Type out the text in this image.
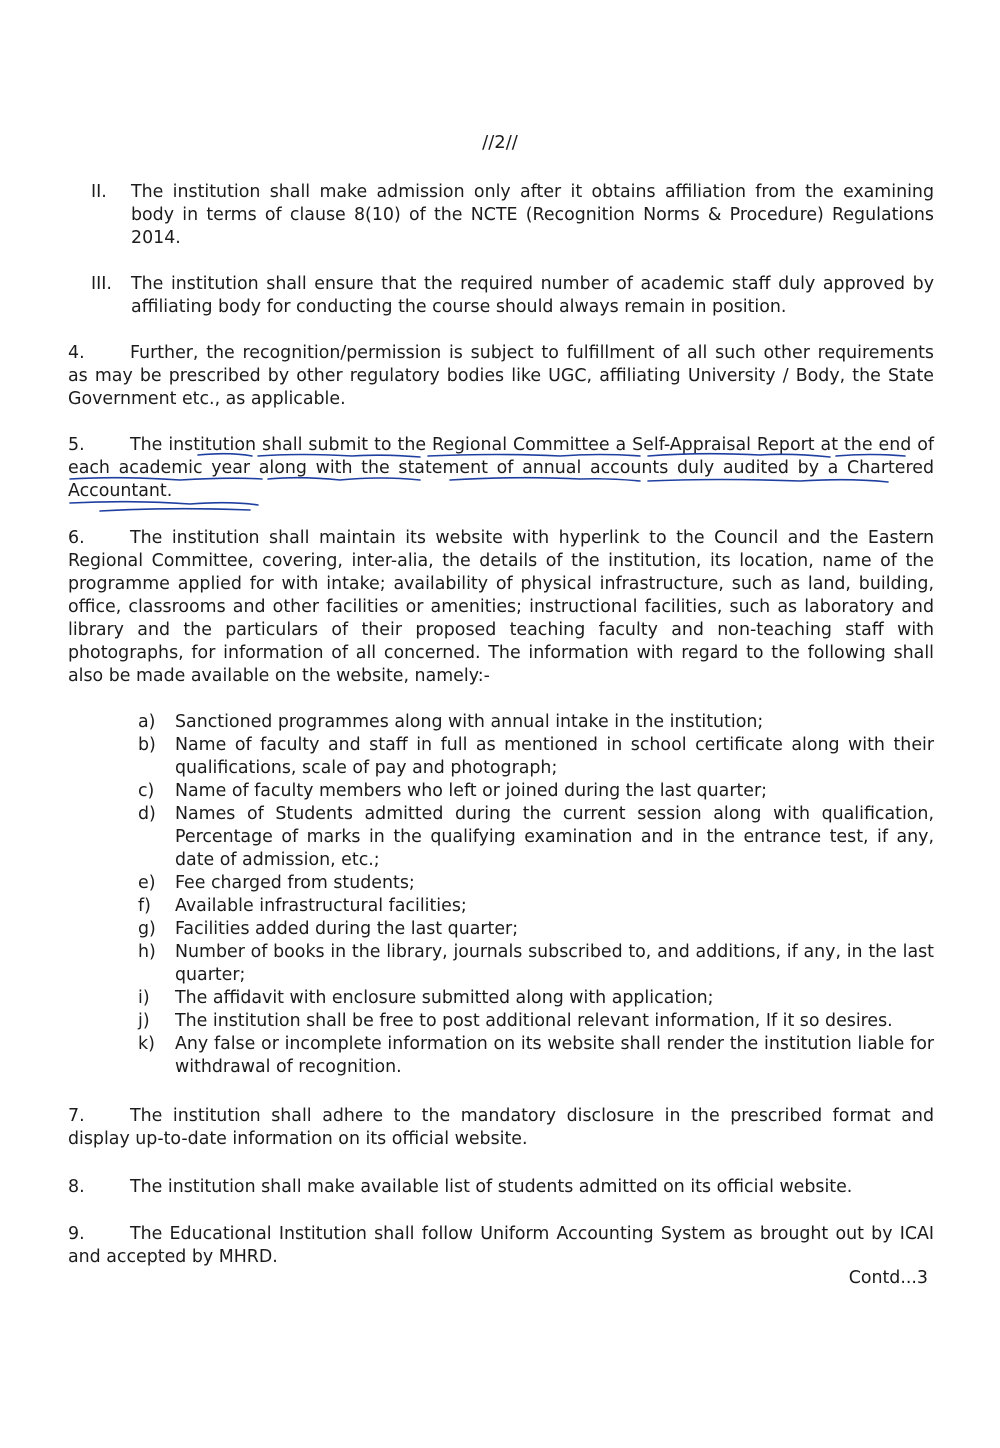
//2//
II.	The institution shall make admission only after it obtains affiliation from the examining body in terms of clause 8(10) of the NCTE (Recognition Norms & Procedure) Regulations 2014.
III.	The institution shall ensure that the required number of academic staff duly approved by affiliating body for conducting the course should always remain in position.
4.	Further, the recognition/permission is subject to fulfillment of all such other requirements as may be prescribed by other regulatory bodies like UGC, affiliating University / Body, the State Government etc., as applicable.
5.	The institution shall submit to the Regional Committee a Self-Appraisal Report at the end of each academic year along with the statement of annual accounts duly audited by a Chartered Accountant.
6.	The institution shall maintain its website with hyperlink to the Council and the Eastern Regional Committee, covering, inter-alia, the details of the institution, its location, name of the programme applied for with intake; availability of physical infrastructure, such as land, building, office, classrooms and other facilities or amenities; instructional facilities, such as laboratory and library and the particulars of their proposed teaching faculty and non-teaching staff with photographs, for information of all concerned. The information with regard to the following shall also be made available on the website, namely:-
a)	Sanctioned programmes along with annual intake in the institution;
b)	Name of faculty and staff in full as mentioned in school certificate along with their qualifications, scale of pay and photograph;
c)	Name of faculty members who left or joined during the last quarter;
d)	Names of Students admitted during the current session along with qualification, Percentage of marks in the qualifying examination and in the entrance test, if any, date of admission, etc.;
e)	Fee charged from students;
f)	Available infrastructural facilities;
g)	Facilities added during the last quarter;
h)	Number of books in the library, journals subscribed to, and additions, if any, in the last quarter;
i)	The affidavit with enclosure submitted along with application;
j)	The institution shall be free to post additional relevant information, If it so desires.
k)	Any false or incomplete information on its website shall render the institution liable for withdrawal of recognition.
7.	The institution shall adhere to the mandatory disclosure in the prescribed format and display up-to-date information on its official website.
8.	The institution shall make available list of students admitted on its official website.
9.	The Educational Institution shall follow Uniform Accounting System as brought out by ICAI and accepted by MHRD.
Contd...3
